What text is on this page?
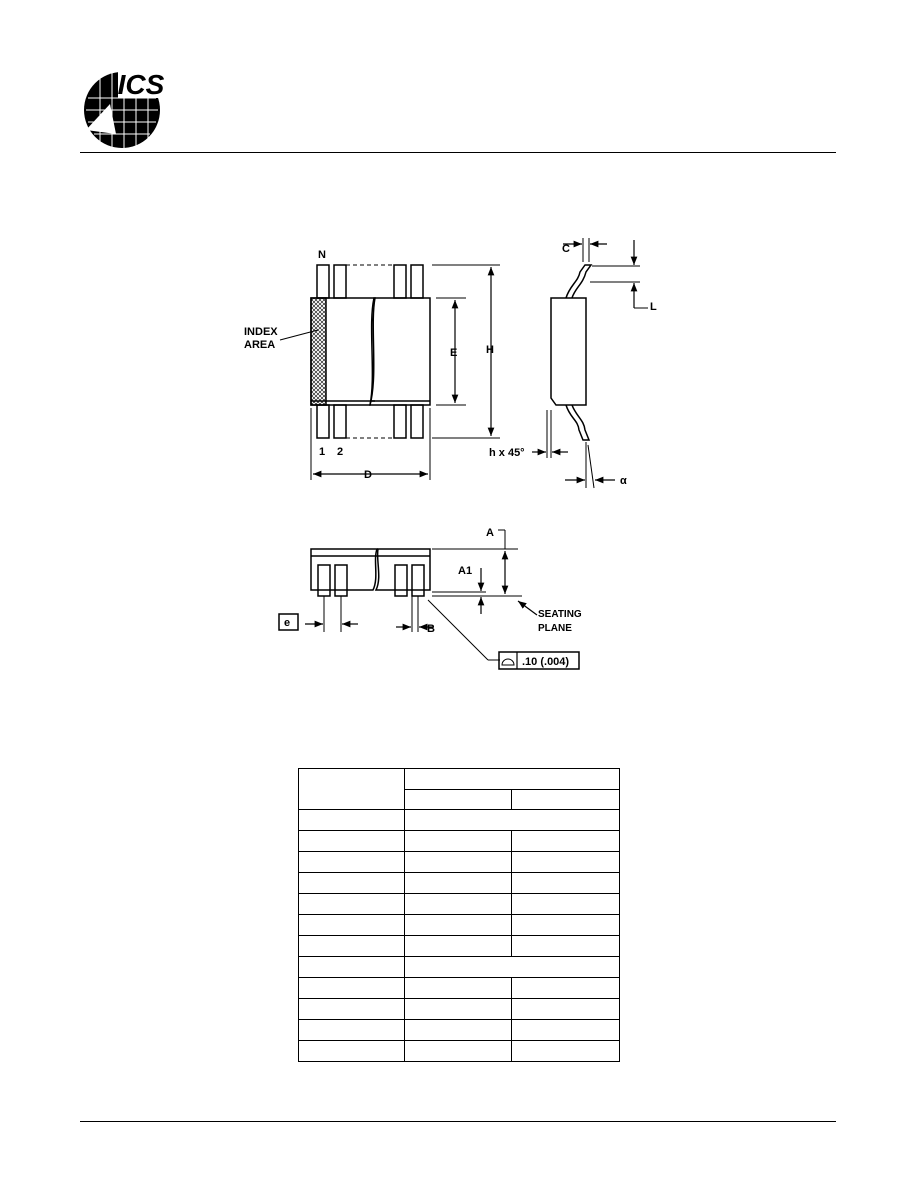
ICS
N
INDEX
AREA
E	H
1 2
D
C
L
h x 45°
α
A
A1
B
SEATING
PLANE
e
.10 (.004)
